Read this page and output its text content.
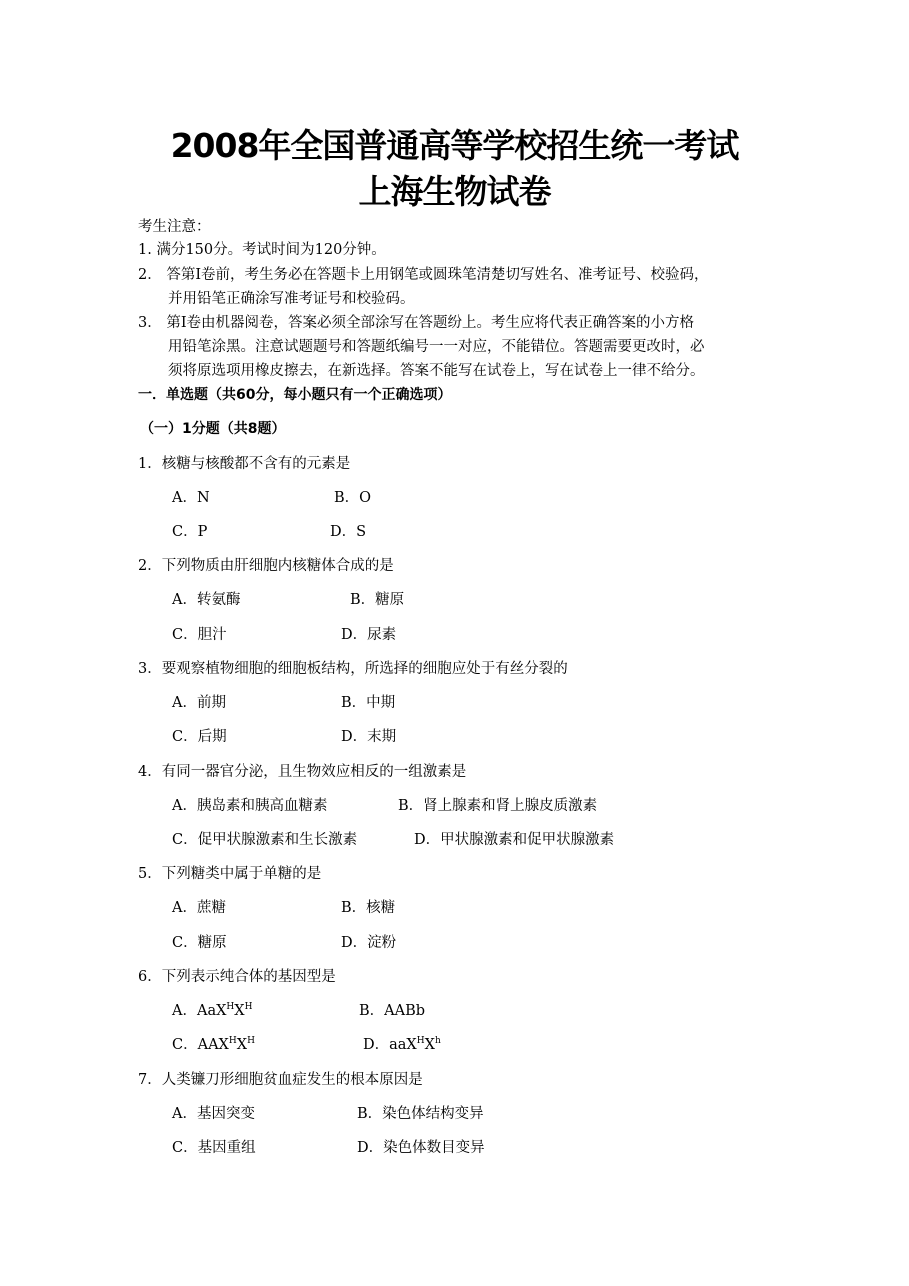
2008年全国普通高等学校招生统一考试
上海生物试卷
考生注意：
1. 满分150分。考试时间为120分钟。
2． 答第Ⅰ卷前，考生务必在答题卡上用钢笔或圆珠笔清楚切写姓名、准考证号、校验码，
并用铅笔正确涂写准考证号和校验码。
3． 第Ⅰ卷由机器阅卷，答案必须全部涂写在答题纷上。考生应将代表正确答案的小方格
用铅笔涂黑。注意试题题号和答题纸编号一一对应，不能错位。答题需要更改时，必
须将原选项用橡皮擦去，在新选择。答案不能写在试卷上，写在试卷上一律不给分。
一．单选题（共60分，每小题只有一个正确选项）
（一）1分题（共8题）
1．核糖与核酸都不含有的元素是
A．N	B．O
C．P	D．S
2．下列物质由肝细胞内核糖体合成的是
A．转氨酶	B．糖原
C．胆汁	D．尿素
3．要观察植物细胞的细胞板结构，所选择的细胞应处于有丝分裂的
A．前期	B．中期
C．后期	D．末期
4．有同一器官分泌，且生物效应相反的一组激素是
A．胰岛素和胰高血糖素	B．肾上腺素和肾上腺皮质激素
C．促甲状腺激素和生长激素	D．甲状腺激素和促甲状腺激素
5．下列糖类中属于单糖的是
A．蔗糖	B．核糖
C．糖原	D．淀粉
6．下列表示纯合体的基因型是
A．$AaX^HX^H$	B．AABb
C．$AAX^HX^H$	D．$aaX^HX^h$
7．人类镰刀形细胞贫血症发生的根本原因是
A．基因突变	B．染色体结构变异
C．基因重组	D．染色体数目变异
